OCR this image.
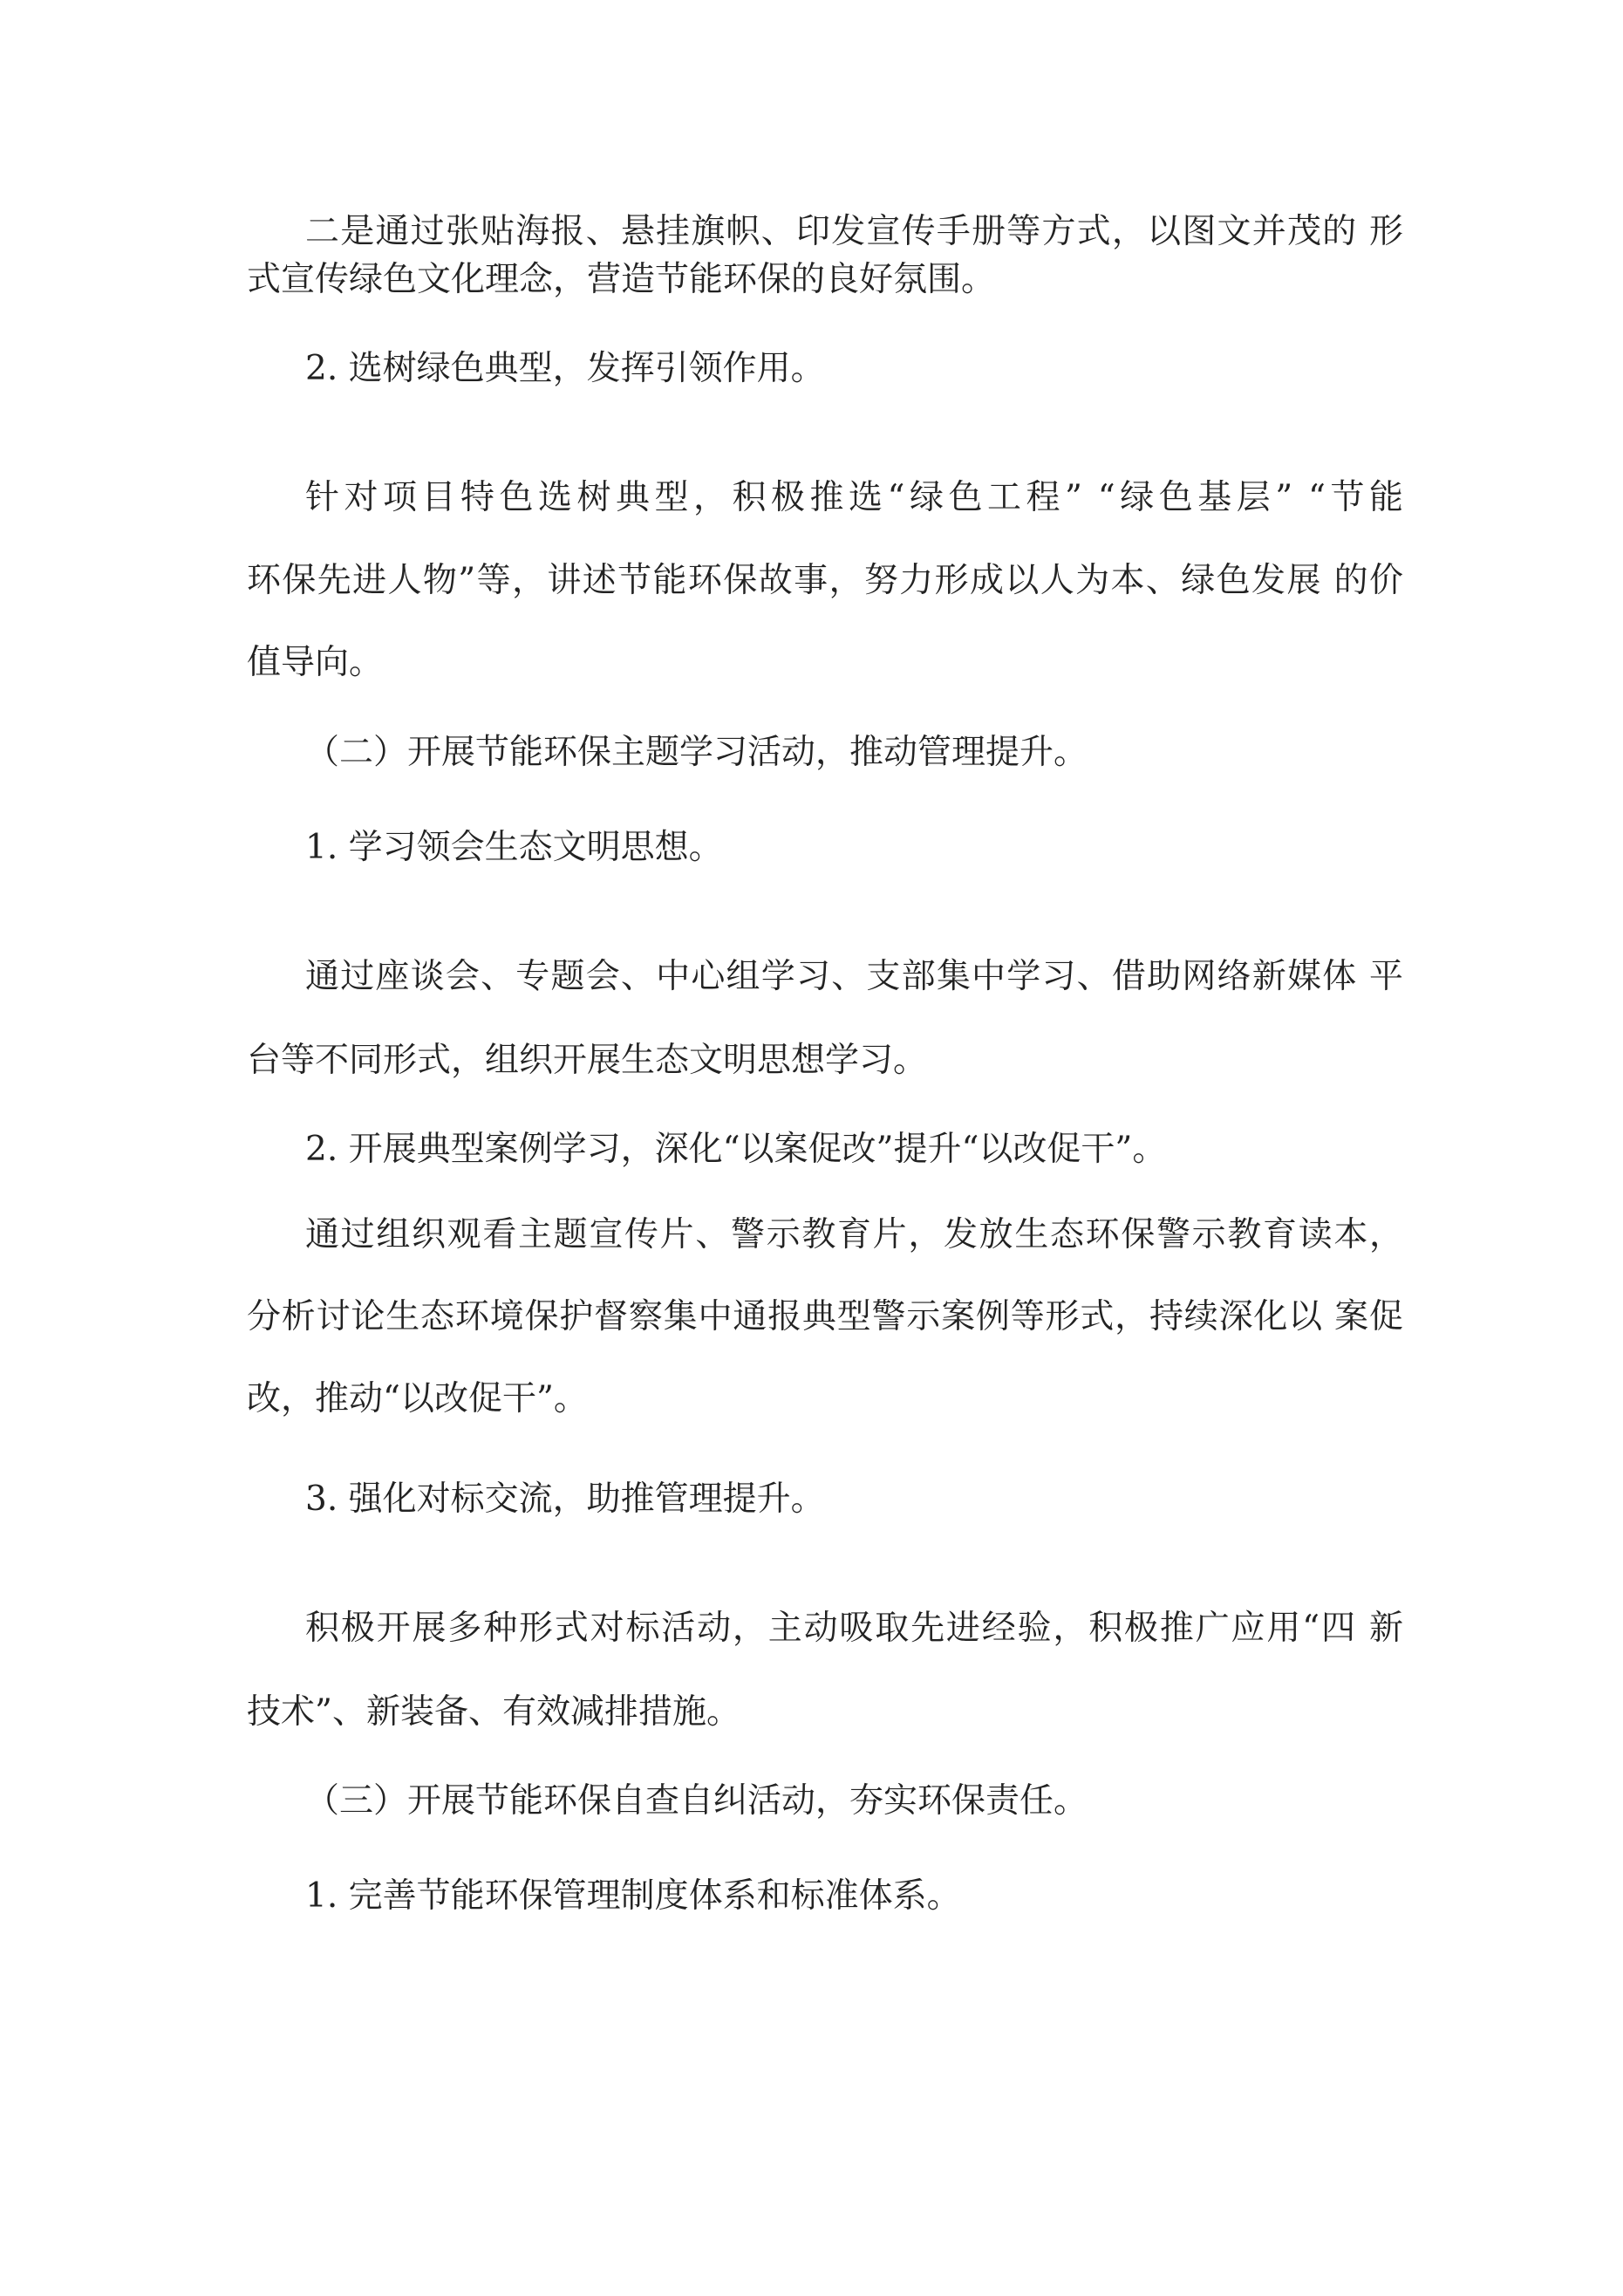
二是通过张贴海报、悬挂旗帜、印发宣传手册等方式，以图文并茂的 形

式宣传绿色文化理念，营造节能环保的良好氛围。

2. 选树绿色典型，发挥引领作用。

针对项目特色选树典型，积极推选“绿色工程” “绿色基层” “节能

环保先进人物”等，讲述节能环保故事，努力形成以人为本、绿色发展 的价

值导向。

（二）开展节能环保主题学习活动，推动管理提升。

1. 学习领会生态文明思想。

通过座谈会、专题会、中心组学习、支部集中学习、借助网络新媒体 平

台等不同形式，组织开展生态文明思想学习。

2. 开展典型案例学习，深化“以案促改”提升“以改促干”。

通过组织观看主题宣传片、警示教育片，发放生态环保警示教育读本，

分析讨论生态环境保护督察集中通报典型警示案例等形式，持续深化以 案促

改，推动“以改促干”。

3. 强化对标交流，助推管理提升。

积极开展多种形式对标活动，主动吸取先进经验，积极推广应用“四 新

技术”、新装备、有效减排措施。

（三）开展节能环保自查自纠活动，夯实环保责任。

1. 完善节能环保管理制度体系和标准体系。
